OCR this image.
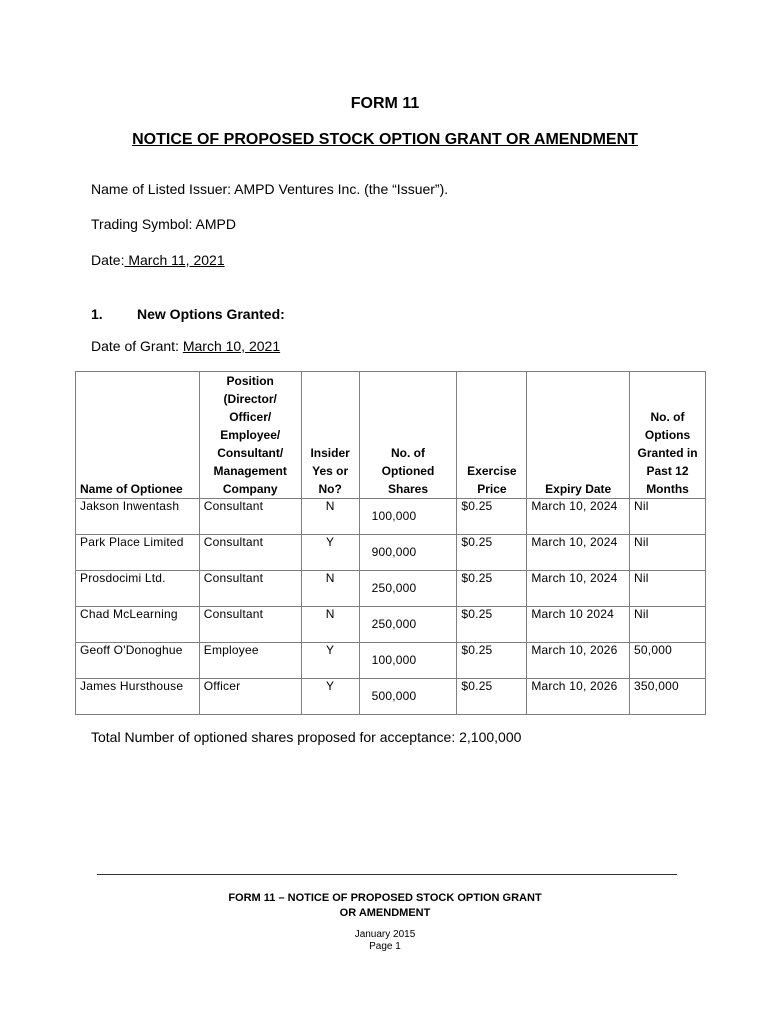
FORM 11
NOTICE OF PROPOSED STOCK OPTION GRANT OR AMENDMENT
Name of Listed Issuer: AMPD Ventures Inc. (the “Issuer”).
Trading Symbol: AMPD
Date: March 11, 2021
1. New Options Granted:
Date of Grant: March 10, 2021
Name of Optionee	Position (Director/ Officer/ Employee/ Consultant/ Management Company	Insider Yes or No?	No. of Optioned Shares	Exercise Price	Expiry Date	No. of Options Granted in Past 12 Months
Jakson Inwentash	Consultant	N	100,000	$0.25	March 10, 2024	Nil
Park Place Limited	Consultant	Y	900,000	$0.25	March 10, 2024	Nil
Prosdocimi Ltd.	Consultant	N	250,000	$0.25	March 10, 2024	Nil
Chad McLearning	Consultant	N	250,000	$0.25	March 10 2024	Nil
Geoff O'Donoghue	Employee	Y	100,000	$0.25	March 10, 2026	50,000
James Hursthouse	Officer	Y	500,000	$0.25	March 10, 2026	350,000
Total Number of optioned shares proposed for acceptance: 2,100,000
FORM 11 – NOTICE OF PROPOSED STOCK OPTION GRANT
OR AMENDMENT
January 2015
Page 1
